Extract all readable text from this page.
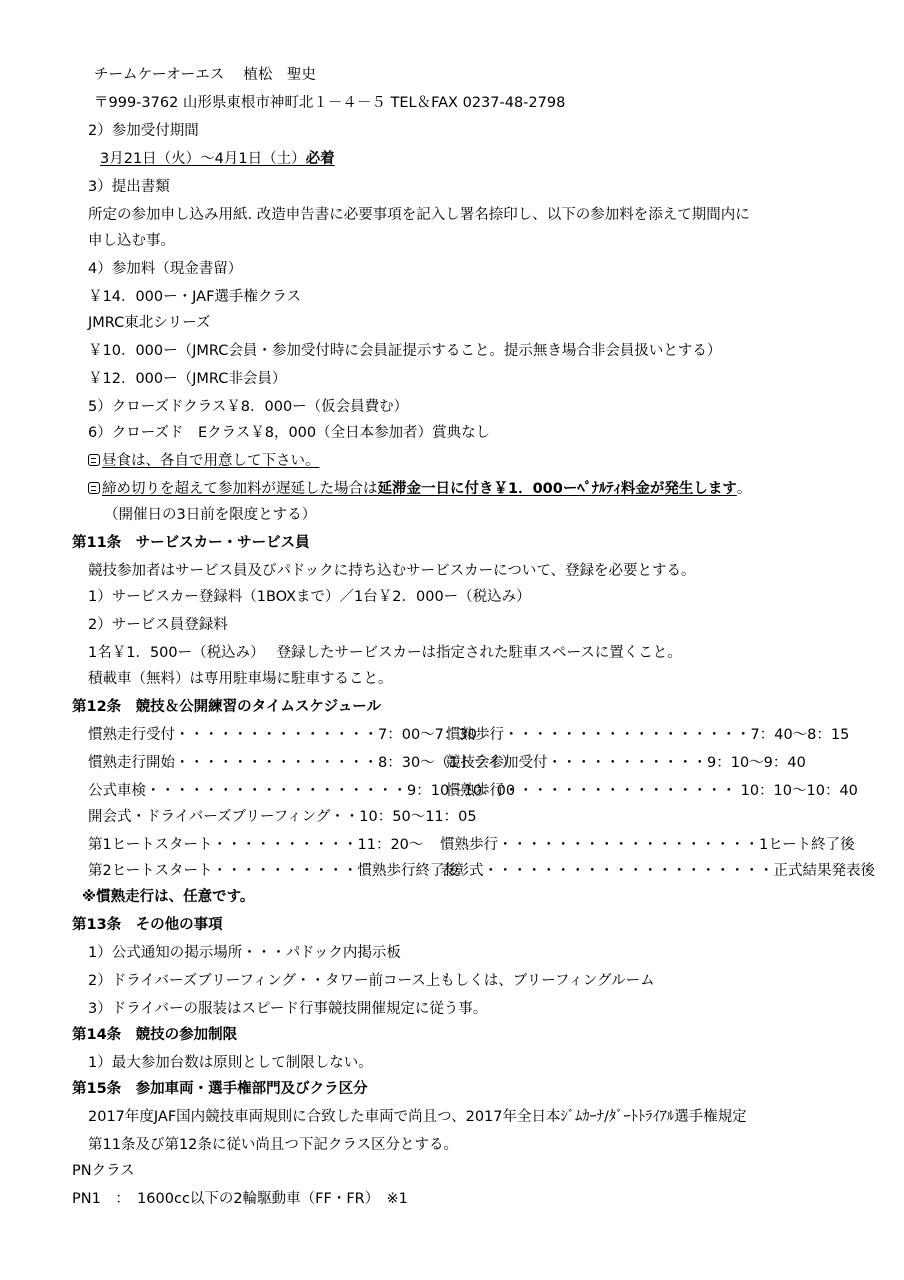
チームケーオーエス　 植松　聖史
〒999-3762 山形県東根市神町北１－４－５ TEL＆FAX 0237-48-2798
2）参加受付期間
3月21日（火）～4月1日（土）必着
3）提出書類
所定の参加申し込み用紙. 改造申告書に必要事項を記入し署名捺印し、以下の参加料を添えて期間内に
申し込む事。
4）参加料（現金書留）
￥14．000ー・JAF選手権クラス
JMRC東北シリーズ
￥10．000ー（JMRC会員・参加受付時に会員証提示すること。提示無き場合非会員扱いとする）
￥12．000ー（JMRC非会員）
5）クローズドクラス￥8．000ー（仮会員費む）
6）クローズド　Eクラス￥8，000（全日本参加者）賞典なし
昼食は、各自で用意して下さい。
締め切りを超えて参加料が遅延した場合は延滞金一日に付き￥1．000ーﾍﾟﾅﾙﾃｨ料金が発生します。
（開催日の3日前を限度とする）
第11条　サービスカー・サービス員
競技参加者はサービス員及びパドックに持ち込むサービスカーについて、登録を必要とする。
1）サービスカー登録料（1BOXまで）／1台￥2．000ー（税込み）
2）サービス員登録料
1名￥1．500ー（税込み）　 登録したサービスカーは指定された駐車スペースに置くこと。
積載車（無料）は専用駐車場に駐車すること。
第12条　競技＆公開練習のタイムスケジュール
慣熟走行受付・・・・・・・・・・・・・・7：00～7：30
慣熟歩行・・・・・・・・・・・・・・・・・7：40～8：15
慣熟走行開始・・・・・・・・・・・・・・8：30～（1トライ）
競技会参加受付・・・・・・・・・・・9：10～9：40
公式車検・・・・・・・・・・・・・・・・・・9：10～10：00
慣熟歩行・・・・・・・・・・・・・・・・ 10：10～10：40
開会式・ドライバーズブリーフィング・・10：50～11：05
第1ヒートスタート・・・・・・・・・・11：20～ 慣熟歩行・・・・・・・・・・・・・・・・・・1ヒート終了後
第2ヒートスタート・・・・・・・・・・慣熟歩行終了後
表彰式・・・・・・・・・・・・・・・・・・・・正式結果発表後
※慣熟走行は、任意です。
第13条　その他の事項
1）公式通知の掲示場所・・・パドック内掲示板
2）ドライバーズブリーフィング・・タワー前コース上もしくは、ブリーフィングルーム
3）ドライバーの服装はスピード行事競技開催規定に従う事。
第14条　競技の参加制限
1）最大参加台数は原則として制限しない。
第15条　参加車両・選手権部門及びクラ区分
2017年度JAF国内競技車両規則に合致した車両で尚且つ、2017年全日本ｼﾞﾑｶｰﾅ/ﾀﾞｰﾄﾄﾗｲｱﾙ選手権規定
第11条及び第12条に従い尚且つ下記クラス区分とする。
PNクラス
PN1　：　1600cc以下の2輪駆動車（FF・FR）　※1
